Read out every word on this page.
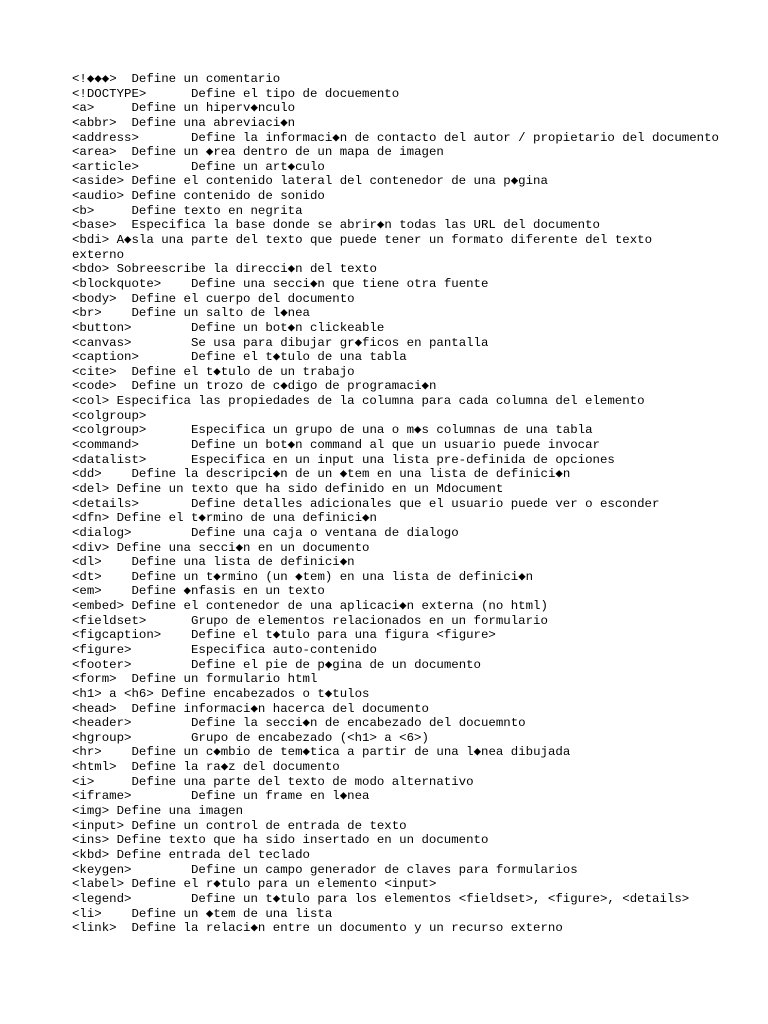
<!◆◆◆>	Define un comentario
<!DOCTYPE>	Define el tipo de docuemento
<a>	Define un hiperv◆nculo
<abbr>	Define una abreviaci◆n
<address>	Define la informaci◆n de contacto del autor / propietario del documento
<area>	Define un ◆rea dentro de un mapa de imagen
<article>	Define un art◆culo
<aside>	Define el contenido lateral del contenedor de una p◆gina
<audio>	Define contenido de sonido
<b>	Define texto en negrita
<base>	Especifica la base donde se abrir◆n todas las URL del documento
<bdi> A◆sla una parte del texto que puede tener un formato diferente del texto
externo
<bdo> Sobreescribe la direcci◆n del texto
<blockquote>	Define una secci◆n que tiene otra fuente
<body>	Define el cuerpo del documento
<br>	Define un salto de l◆nea
<button>	Define un bot◆n clickeable
<canvas>	Se usa para dibujar gr◆ficos en pantalla
<caption>	Define el t◆tulo de una tabla
<cite>	Define el t◆tulo de un trabajo
<code>	Define un trozo de c◆digo de programaci◆n
<col> Especifica las propiedades de la columna para cada columna del elemento
<colgroup>
<colgroup>	Especifica un grupo de una o m◆s columnas de una tabla
<command>	Define un bot◆n command al que un usuario puede invocar
<datalist>	Especifica en un input una lista pre-definida de opciones
<dd>	Define la descripci◆n de un ◆tem en una lista de definici◆n
<del> Define un texto que ha sido definido en un Mdocument
<details>	Define detalles adicionales que el usuario puede ver o esconder
<dfn> Define el t◆rmino de una definici◆n
<dialog>	Define una caja o ventana de dialogo
<div> Define una secci◆n en un documento
<dl>	Define una lista de definici◆n
<dt>	Define un t◆rmino (un ◆tem) en una lista de definici◆n
<em>	Define ◆nfasis en un texto
<embed>	Define el contenedor de una aplicaci◆n externa (no html)
<fieldset>	Grupo de elementos relacionados en un formulario
<figcaption>	Define el t◆tulo para una figura <figure>
<figure>	Especifica auto-contenido
<footer>	Define el pie de p◆gina de un documento
<form>	Define un formulario html
<h1> a <h6> Define encabezados o t◆tulos
<head>	Define informaci◆n hacerca del documento
<header>	Define la secci◆n de encabezado del docuemnto
<hgroup>	Grupo de encabezado (<h1> a <6>)
<hr>	Define un c◆mbio de tem◆tica a partir de una l◆nea dibujada
<html>	Define la ra◆z del documento
<i>	Define una parte del texto de modo alternativo
<iframe>	Define un frame en l◆nea
<img> Define una imagen
<input>	Define un control de entrada de texto
<ins> Define texto que ha sido insertado en un documento
<kbd> Define entrada del teclado
<keygen>	Define un campo generador de claves para formularios
<label>	Define el r◆tulo para un elemento <input>
<legend>	Define un t◆tulo para los elementos <fieldset>, <figure>, <details>
<li>	Define un ◆tem de una lista
<link>	Define la relaci◆n entre un documento y un recurso externo
